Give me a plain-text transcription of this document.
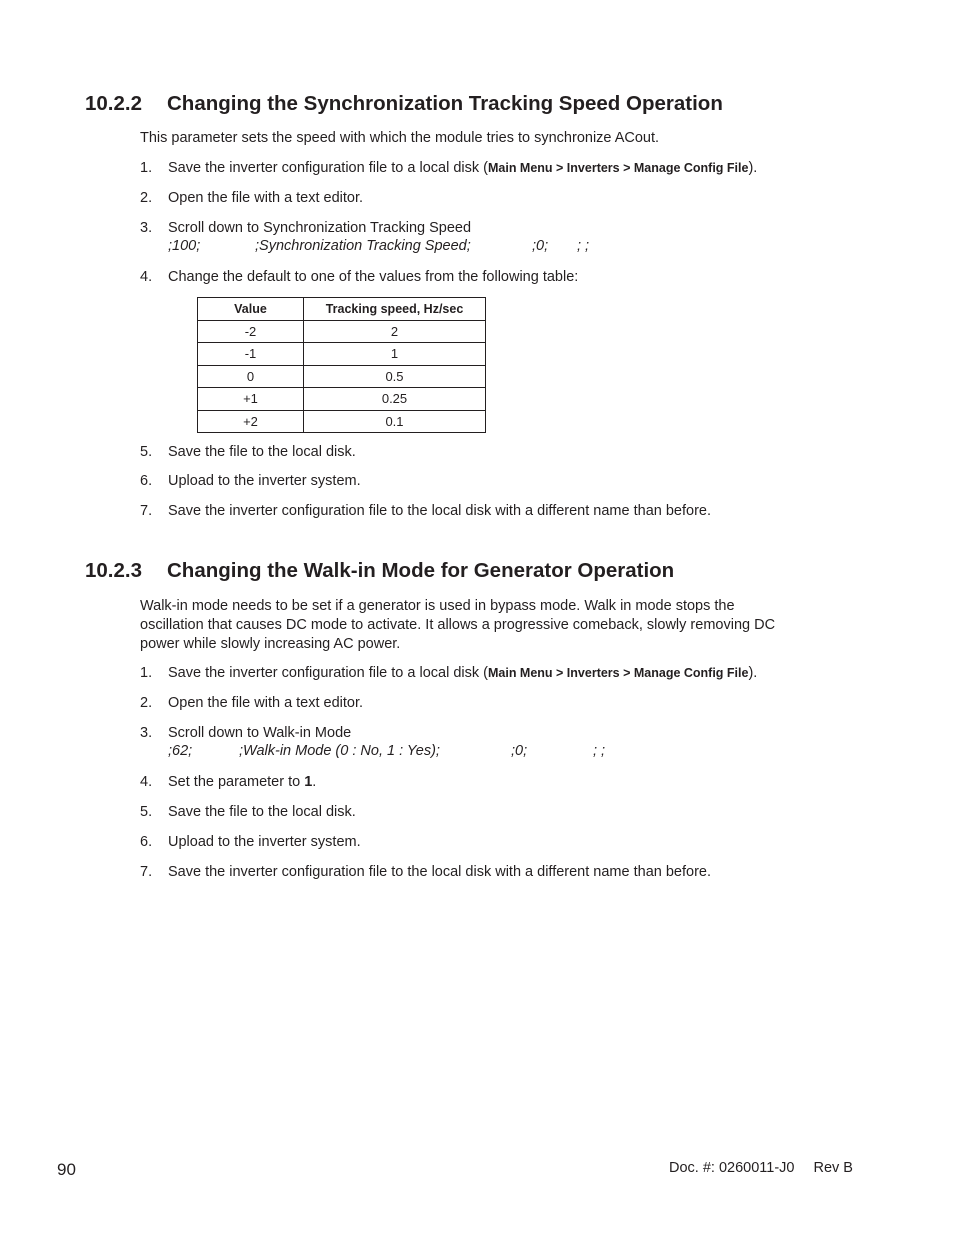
10.2.2 Changing the Synchronization Tracking Speed Operation

This parameter sets the speed with which the module tries to synchronize ACout.

1. Save the inverter configuration file to a local disk (Main Menu > Inverters > Manage Config File).
2. Open the file with a text editor.
3. Scroll down to Synchronization Tracking Speed
;100;	;Synchronization Tracking Speed;	;0; ; ;
4. Change the default to one of the values from the following table:
Value	Tracking speed, Hz/sec
-2	2
-1	1
0	0.5
+1	0.25
+2	0.1
5. Save the file to the local disk.
6. Upload to the inverter system.
7. Save the inverter configuration file to the local disk with a different name than before.
10.2.3 Changing the Walk-in Mode for Generator Operation
Walk-in mode needs to be set if a generator is used in bypass mode. Walk in mode stops the
oscillation that causes DC mode to activate. It allows a progressive comeback, slowly removing DC
power while slowly increasing AC power.
1. Save the inverter configuration file to a local disk (Main Menu > Inverters > Manage Config File).
2. Open the file with a text editor.
3. Scroll down to Walk-in Mode
;62;	;Walk-in Mode (0 : No, 1 : Yes);	;0;	; ;
4. Set the parameter to 1.
5. Save the file to the local disk.
6. Upload to the inverter system.
7. Save the inverter configuration file to the local disk with a different name than before.
90	Doc. #: 0260011-J0 Rev B
